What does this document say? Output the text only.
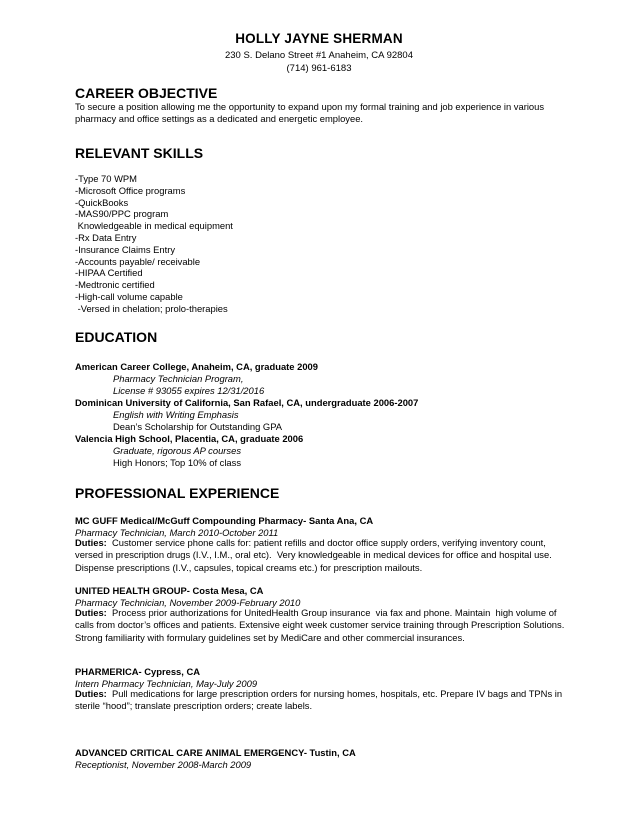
HOLLY JAYNE SHERMAN
230 S. Delano Street #1 Anaheim, CA 92804
(714) 961-6183
CAREER OBJECTIVE
To secure a position allowing me the opportunity to expand upon my formal training and job experience in various pharmacy and office settings as a dedicated and energetic employee.
RELEVANT SKILLS
-Type 70 WPM
-Microsoft Office programs
-QuickBooks
-MAS90/PPC program
Knowledgeable in medical equipment
-Rx Data Entry
-Insurance Claims Entry
-Accounts payable/ receivable
-HIPAA Certified
-Medtronic certified
-High-call volume capable
-Versed in chelation; prolo-therapies
EDUCATION
American Career College, Anaheim, CA, graduate 2009
Pharmacy Technician Program,
License # 93055 expires 12/31/2016
Dominican University of California, San Rafael, CA, undergraduate 2006-2007
English with Writing Emphasis
Dean’s Scholarship for Outstanding GPA
Valencia High School, Placentia, CA, graduate 2006
Graduate, rigorous AP courses
High Honors; Top 10% of class
PROFESSIONAL EXPERIENCE
MC GUFF Medical/McGuff Compounding Pharmacy- Santa Ana, CA
Pharmacy Technician, March 2010-October 2011
Duties:  Customer service phone calls for: patient refills and doctor office supply orders, verifying inventory count, versed in prescription drugs (I.V., I.M., oral etc).  Very knowledgeable in medical devices for office and hospital use. Dispense prescriptions (I.V., capsules, topical creams etc.) for prescription mailouts.
UNITED HEALTH GROUP- Costa Mesa, CA
Pharmacy Technician, November 2009-February 2010
Duties:  Process prior authorizations for UnitedHealth Group insurance  via fax and phone. Maintain  high volume of calls from doctor’s offices and patients. Extensive eight week customer service training through Prescription Solutions. Strong familiarity with formulary guidelines set by MediCare and other commercial insurances.
PHARMERICA- Cypress, CA
Intern Pharmacy Technician, May-July 2009
Duties:  Pull medications for large prescription orders for nursing homes, hospitals, etc. Prepare IV bags and TPNs in sterile “hood”; translate prescription orders; create labels.
ADVANCED CRITICAL CARE ANIMAL EMERGENCY- Tustin, CA
Receptionist, November 2008-March 2009
